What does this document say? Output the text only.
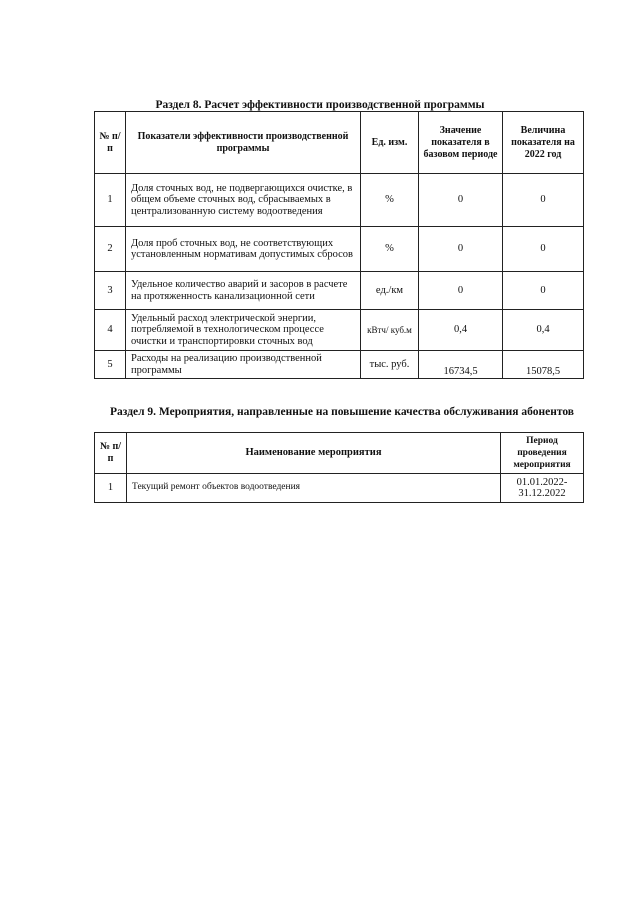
Раздел 8. Расчет эффективности производственной программы
№ п/п	Показатели эффективности производственной программы	Ед. изм.	Значение показателя в базовом периоде	Величина показателя на 2022 год
1	Доля сточных вод, не подвергающихся очистке, в общем объеме сточных вод, сбрасываемых в централизованную систему водоотведения	%	0	0
2	Доля проб сточных вод, не соответствующих установленным нормативам допустимых сбросов	%	0	0
3	Удельное количество аварий и засоров в расчете на протяженность канализационной сети	ед./км	0	0
4	Удельный расход электрической энергии, потребляемой в технологическом процессе очистки и транспортировки сточных вод	кВтч/ куб.м	0,4	0,4
5	Расходы на реализацию производственной программы	тыс. руб.	16734,5	15078,5
Раздел 9. Мероприятия, направленные на повышение качества обслуживания абонентов
№ п/п	Наименование мероприятия	Период проведения мероприятия
1	Текущий ремонт объектов водоотведения	01.01.2022- 31.12.2022
